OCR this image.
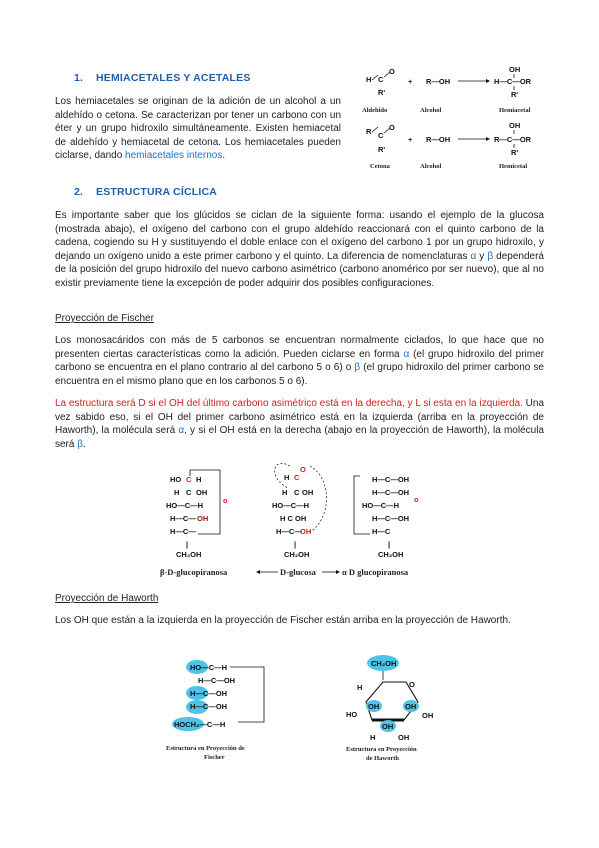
1. HEMIACETALES Y ACETALES
Los hemiacetales se originan de la adición de un alcohol a un aldehído o cetona. Se caracterizan por tener un carbono con un éter y un grupo hidroxilo simultáneamente. Existen hemiacetal de aldehído y hemiacetal de cetona. Los hemiacetales pueden ciclarse, dando hemiacetales internos.
H C
O
R'
+ R—OH
OH
H—C—OR
R'
Aldehido	Alcohol	Hemiacetal
R C
O
R'
+ R—OH
OH
R—C—OR
R'
Cetona	Alcohol	Hemicetal
2. ESTRUCTURA CÍCLICA
Es importante saber que los glúcidos se ciclan de la siguiente forma: usando el ejemplo de la glucosa (mostrada abajo), el oxígeno del carbono con el grupo aldehído reaccionará con el quinto carbono de la cadena, cogiendo su H y sustituyendo el doble enlace con el oxígeno del carbono 1 por un grupo hidroxilo, y dejando un oxígeno unido a este primer carbono y el quinto. La diferencia de nomenclaturas α y β dependerá de la posición del grupo hidroxilo del nuevo carbono asimétrico (carbono anomérico por ser nuevo), que al no existir previamente tiene la excepción de poder adquirir dos posibles configuraciones.
Proyección de Fischer
Los monosacáridos con más de 5 carbonos se encuentran normalmente ciclados, lo que hace que no presenten ciertas características como la adición. Pueden ciclarse en forma α (el grupo hidroxilo del primer carbono se encuentra en el plano contrario al del carbono 5 o 6) o β (el grupo hidroxilo del primer carbono se encuentra en el mismo plano que en los carbonos 5 o 6).
La estructura será D si el OH del último carbono asimétrico está en la derecha, y L si esta en la izquierda. Una vez sabido eso, si el OH del primer carbono asimétrico está en la izquierda (arriba en la proyección de Haworth), la molécula será α, y si el OH está en la derecha (abajo en la proyección de Haworth), la molécula será β.
HO C H
H C OH
HO—C—H
H—C— OH
H—C—
|
CH₂OH
o
H C
O
H C OH
HO—C—H
H C OH
H—C—
OH
|
CH₂OH
H—C—OH
H—C—OH
HO—C—H
H—C—OH
H—C
|
CH₂OH
o
β-D-glucopiranosa	D-glucosa	α D glucopiranosa
Proyección de Haworth
Los OH que están a la izquierda en la proyección de Fischer están arriba en la proyección de Haworth.
HO—C—H
H—C—OH
H—C—OH
H—C—OH
HOCH₂—C—H
Estructura en Proyección de
Fischer
CH₂OH
O
OH	OH
OH
H
HO
OH
OH
H
Estructura en Proyección
de Haworth
